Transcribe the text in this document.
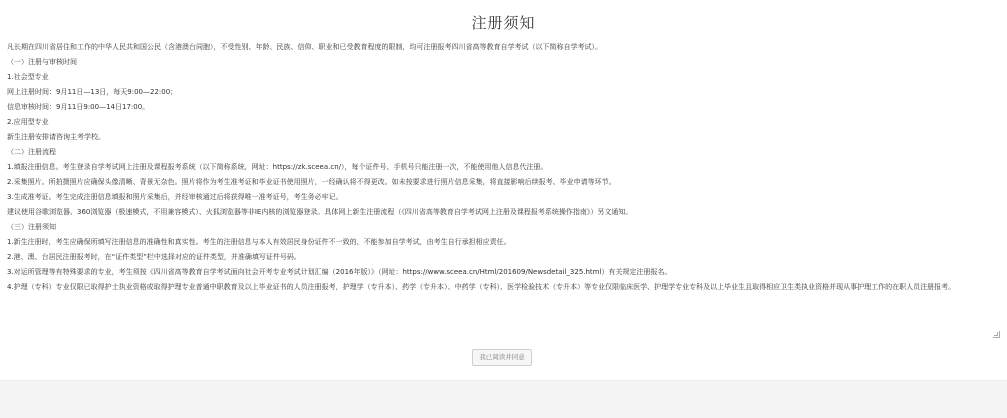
注册须知

凡长期在四川省居住和工作的中华人民共和国公民（含港澳台同胞），不受性别、年龄、民族、信仰、职业和已受教育程度的限制，均可注册报考四川省高等教育自学考试（以下简称自学考试）。

（一）注册与审核时间

1.社会型专业

网上注册时间：9月11日—13日，每天9:00—22:00；

信息审核时间：9月11日9:00—14日17:00。

2.应用型专业

新生注册安排请咨询主考学校。

（二）注册流程

1.填报注册信息。考生登录自学考试网上注册及课程报考系统（以下简称系统，网址：https://zk.sceea.cn/），每个证件号、手机号只能注册一次，不能使用他人信息代注册。

2.采集照片。所拍摄照片应确保头像清晰、背景无杂色。照片将作为考生准考证和毕业证书使用照片，一经确认将不得更改。如未按要求进行照片信息采集，将直接影响后续报考、毕业申请等环节。

3.生成准考证。考生完成注册信息填报和照片采集后，并经审核通过后将获得唯一准考证号，考生务必牢记。

建议使用谷歌浏览器、360浏览器（极速模式，不用兼容模式）、火狐浏览器等非IE内核的浏览器登录。具体网上新生注册流程（《四川省高等教育自学考试网上注册及课程报考系统操作指南》）另文通知。

（三）注册须知

1.新生注册时，考生应确保所填写注册信息的准确性和真实性。考生的注册信息与本人有效居民身份证件不一致的，不能参加自学考试，由考生自行承担相应责任。

2.港、澳、台居民注册报考时，在“证件类型”栏中选择对应的证件类型，并准确填写证件号码。

3.对运所管理等有特殊要求的专业，考生须按《四川省高等教育自学考试面向社会开考专业考试计划汇编（2016年版）》（网址：https://www.sceea.cn/Html/201609/Newsdetail_325.html）有关规定注册报名。

4.护理（专科）专业仅限已取得护士执业资格或取得护理专业普通中职教育及以上毕业证书的人员注册报考，护理学（专升本）、药学（专升本）、中药学（专科）、医学检验技术（专升本）等专业仅限临床医学、护理学专业专科及以上毕业生且取得相应卫生类执业资格并现从事护理工作的在职人员注册报考。

我已阅读并同意
